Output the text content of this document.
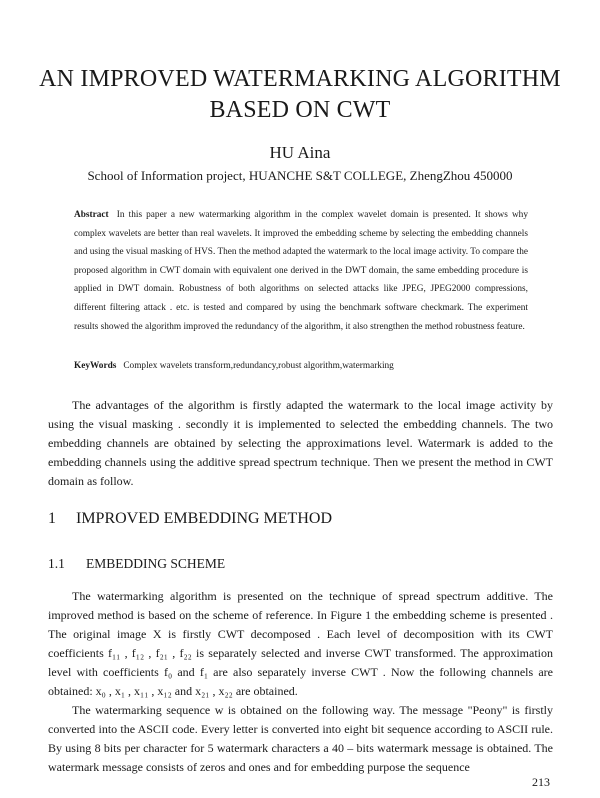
AN IMPROVED WATERMARKING ALGORITHM
BASED ON CWT
HU Aina
School of Information project, HUANCHE S&T COLLEGE, ZhengZhou 450000
Abstract In this paper a new watermarking algorithm in the complex wavelet domain is presented. It shows why complex wavelets are better than real wavelets. It improved the embedding scheme by selecting the embedding channels and using the visual masking of HVS. Then the method adapted the watermark to the local image activity. To compare the proposed algorithm in CWT domain with equivalent one derived in the DWT domain, the same embedding procedure is applied in DWT domain. Robustness of both algorithms on selected attacks like JPEG, JPEG2000 compressions, different filtering attack . etc. is tested and compared by using the benchmark software checkmark. The experiment results showed the algorithm improved the redundancy of the algorithm, it also strengthen the method robustness feature.
KeyWords Complex wavelets transform,redundancy,robust algorithm,watermarking

The advantages of the algorithm is firstly adapted the watermark to the local image activity by using the visual masking . secondly it is implemented to selected the embedding channels. The two embedding channels are obtained by selecting the approximations level. Watermark is added to the embedding channels using the additive spread spectrum technique. Then we present the method in CWT domain as follow.

1 IMPROVED EMBEDDING METHOD
1.1 EMBEDDING SCHEME

The watermarking algorithm is presented on the technique of spread spectrum additive. The improved method is based on the scheme of reference. In Figure 1 the embedding scheme is presented . The original image X is firstly CWT decomposed . Each level of decomposition with its CWT coefficients f₁₁ , f₁₂ , f₂₁ , f₂₂ is separately selected and inverse CWT transformed. The approximation level with coefficients f₀ and f₁ are also separately inverse CWT . Now the following channels are obtained: x₀ , x₁ , x₁₁ , x₁₂ and x₂₁ , x₂₂ are obtained.

The watermarking sequence w is obtained on the following way. The message "Peony" is firstly converted into the ASCII code. Every letter is converted into eight bit sequence according to ASCII rule. By using 8 bits per character for 5 watermark characters a 40 – bits watermark message is obtained. The watermark message consists of zeros and ones and for embedding purpose the sequence

213
